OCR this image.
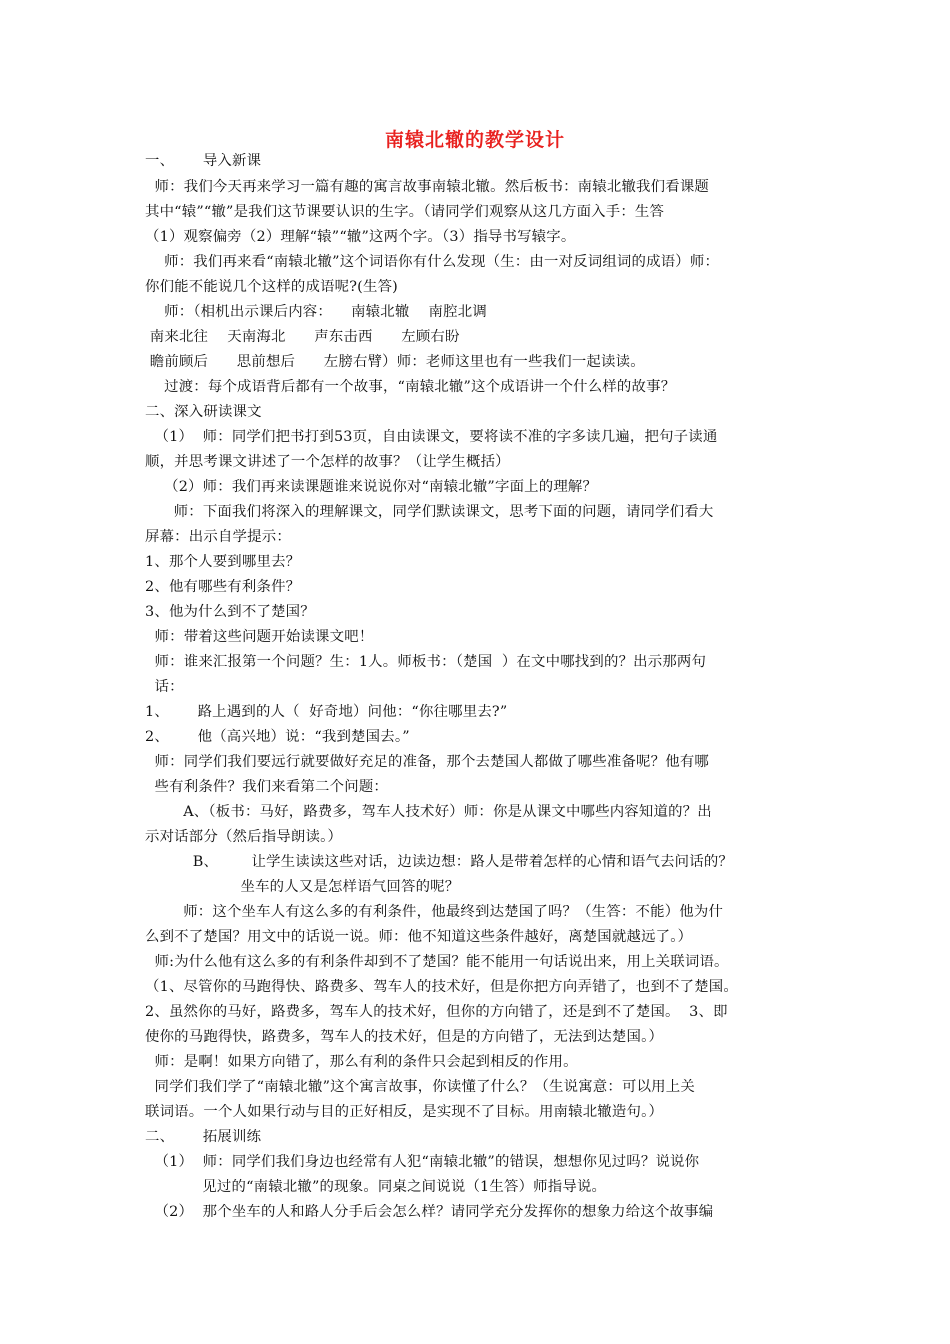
南辕北辙的教学设计
一、      导入新课
师：我们今天再来学习一篇有趣的寓言故事南辕北辙。然后板书：南辕北辙我们看课题
其中“辕”“辙”是我们这节课要认识的生字。（请同学们观察从这几方面入手：生答
（1）观察偏旁（2）理解“辕”“辙”这两个字。（3）指导书写辕字。
师：我们再来看“南辕北辙”这个词语你有什么发现（生：由一对反词组词的成语）师：
你们能不能说几个这样的成语呢?(生答)
师：（相机出示课后内容：    南辕北辙    南腔北调
南来北往    天南海北      声东击西      左顾右盼
瞻前顾后      思前想后      左膀右臂）师：老师这里也有一些我们一起读读。
过渡：每个成语背后都有一个故事，“南辕北辙”这个成语讲一个什么样的故事？
二、深入研读课文
（1）  师：同学们把书打到53页，自由读课文，要将读不准的字多读几遍，把句子读通
顺，并思考课文讲述了一个怎样的故事？（让学生概括）
（2）师：我们再来读课题谁来说说你对“南辕北辙”字面上的理解？
师：下面我们将深入的理解课文，同学们默读课文，思考下面的问题，请同学们看大
屏幕：出示自学提示：
1、那个人要到哪里去？
2、他有哪些有利条件？
3、他为什么到不了楚国？
师：带着这些问题开始读课文吧！
师：谁来汇报第一个问题？生：1人。师板书：（楚国  ）在文中哪找到的？出示那两句
话：
1、      路上遇到的人（  好奇地）问他：“你往哪里去?”
2、      他（高兴地）说：“我到楚国去。”
师：同学们我们要远行就要做好充足的准备，那个去楚国人都做了哪些准备呢？他有哪
些有利条件？我们来看第二个问题：
A、（板书：马好，路费多，驾车人技术好）师：你是从课文中哪些内容知道的？出
示对话部分（然后指导朗读。）
B、       让学生读读这些对话，边读边想：路人是带着怎样的心情和语气去问话的？
坐车的人又是怎样语气回答的呢？
师：这个坐车人有这么多的有利条件，他最终到达楚国了吗？（生答：不能）他为什
么到不了楚国？用文中的话说一说。师：他不知道这些条件越好，离楚国就越远了。）
师:为什么他有这么多的有利条件却到不了楚国？能不能用一句话说出来，用上关联词语。
（1、尽管你的马跑得快、路费多、驾车人的技术好，但是你把方向弄错了，也到不了楚国。
2、虽然你的马好，路费多，驾车人的技术好，但你的方向错了，还是到不了楚国。  3、即
使你的马跑得快，路费多，驾车人的技术好，但是的方向错了，无法到达楚国。）
师：是啊！如果方向错了，那么有利的条件只会起到相反的作用。
同学们我们学了“南辕北辙”这个寓言故事，你读懂了什么？（生说寓意：可以用上关
联词语。一个人如果行动与目的正好相反，是实现不了目标。用南辕北辙造句。）
二、      拓展训练
（1）  师：同学们我们身边也经常有人犯“南辕北辙”的错误，想想你见过吗？说说你
见过的“南辕北辙”的现象。同桌之间说说（1生答）师指导说。
（2）  那个坐车的人和路人分手后会怎么样？请同学充分发挥你的想象力给这个故事编
